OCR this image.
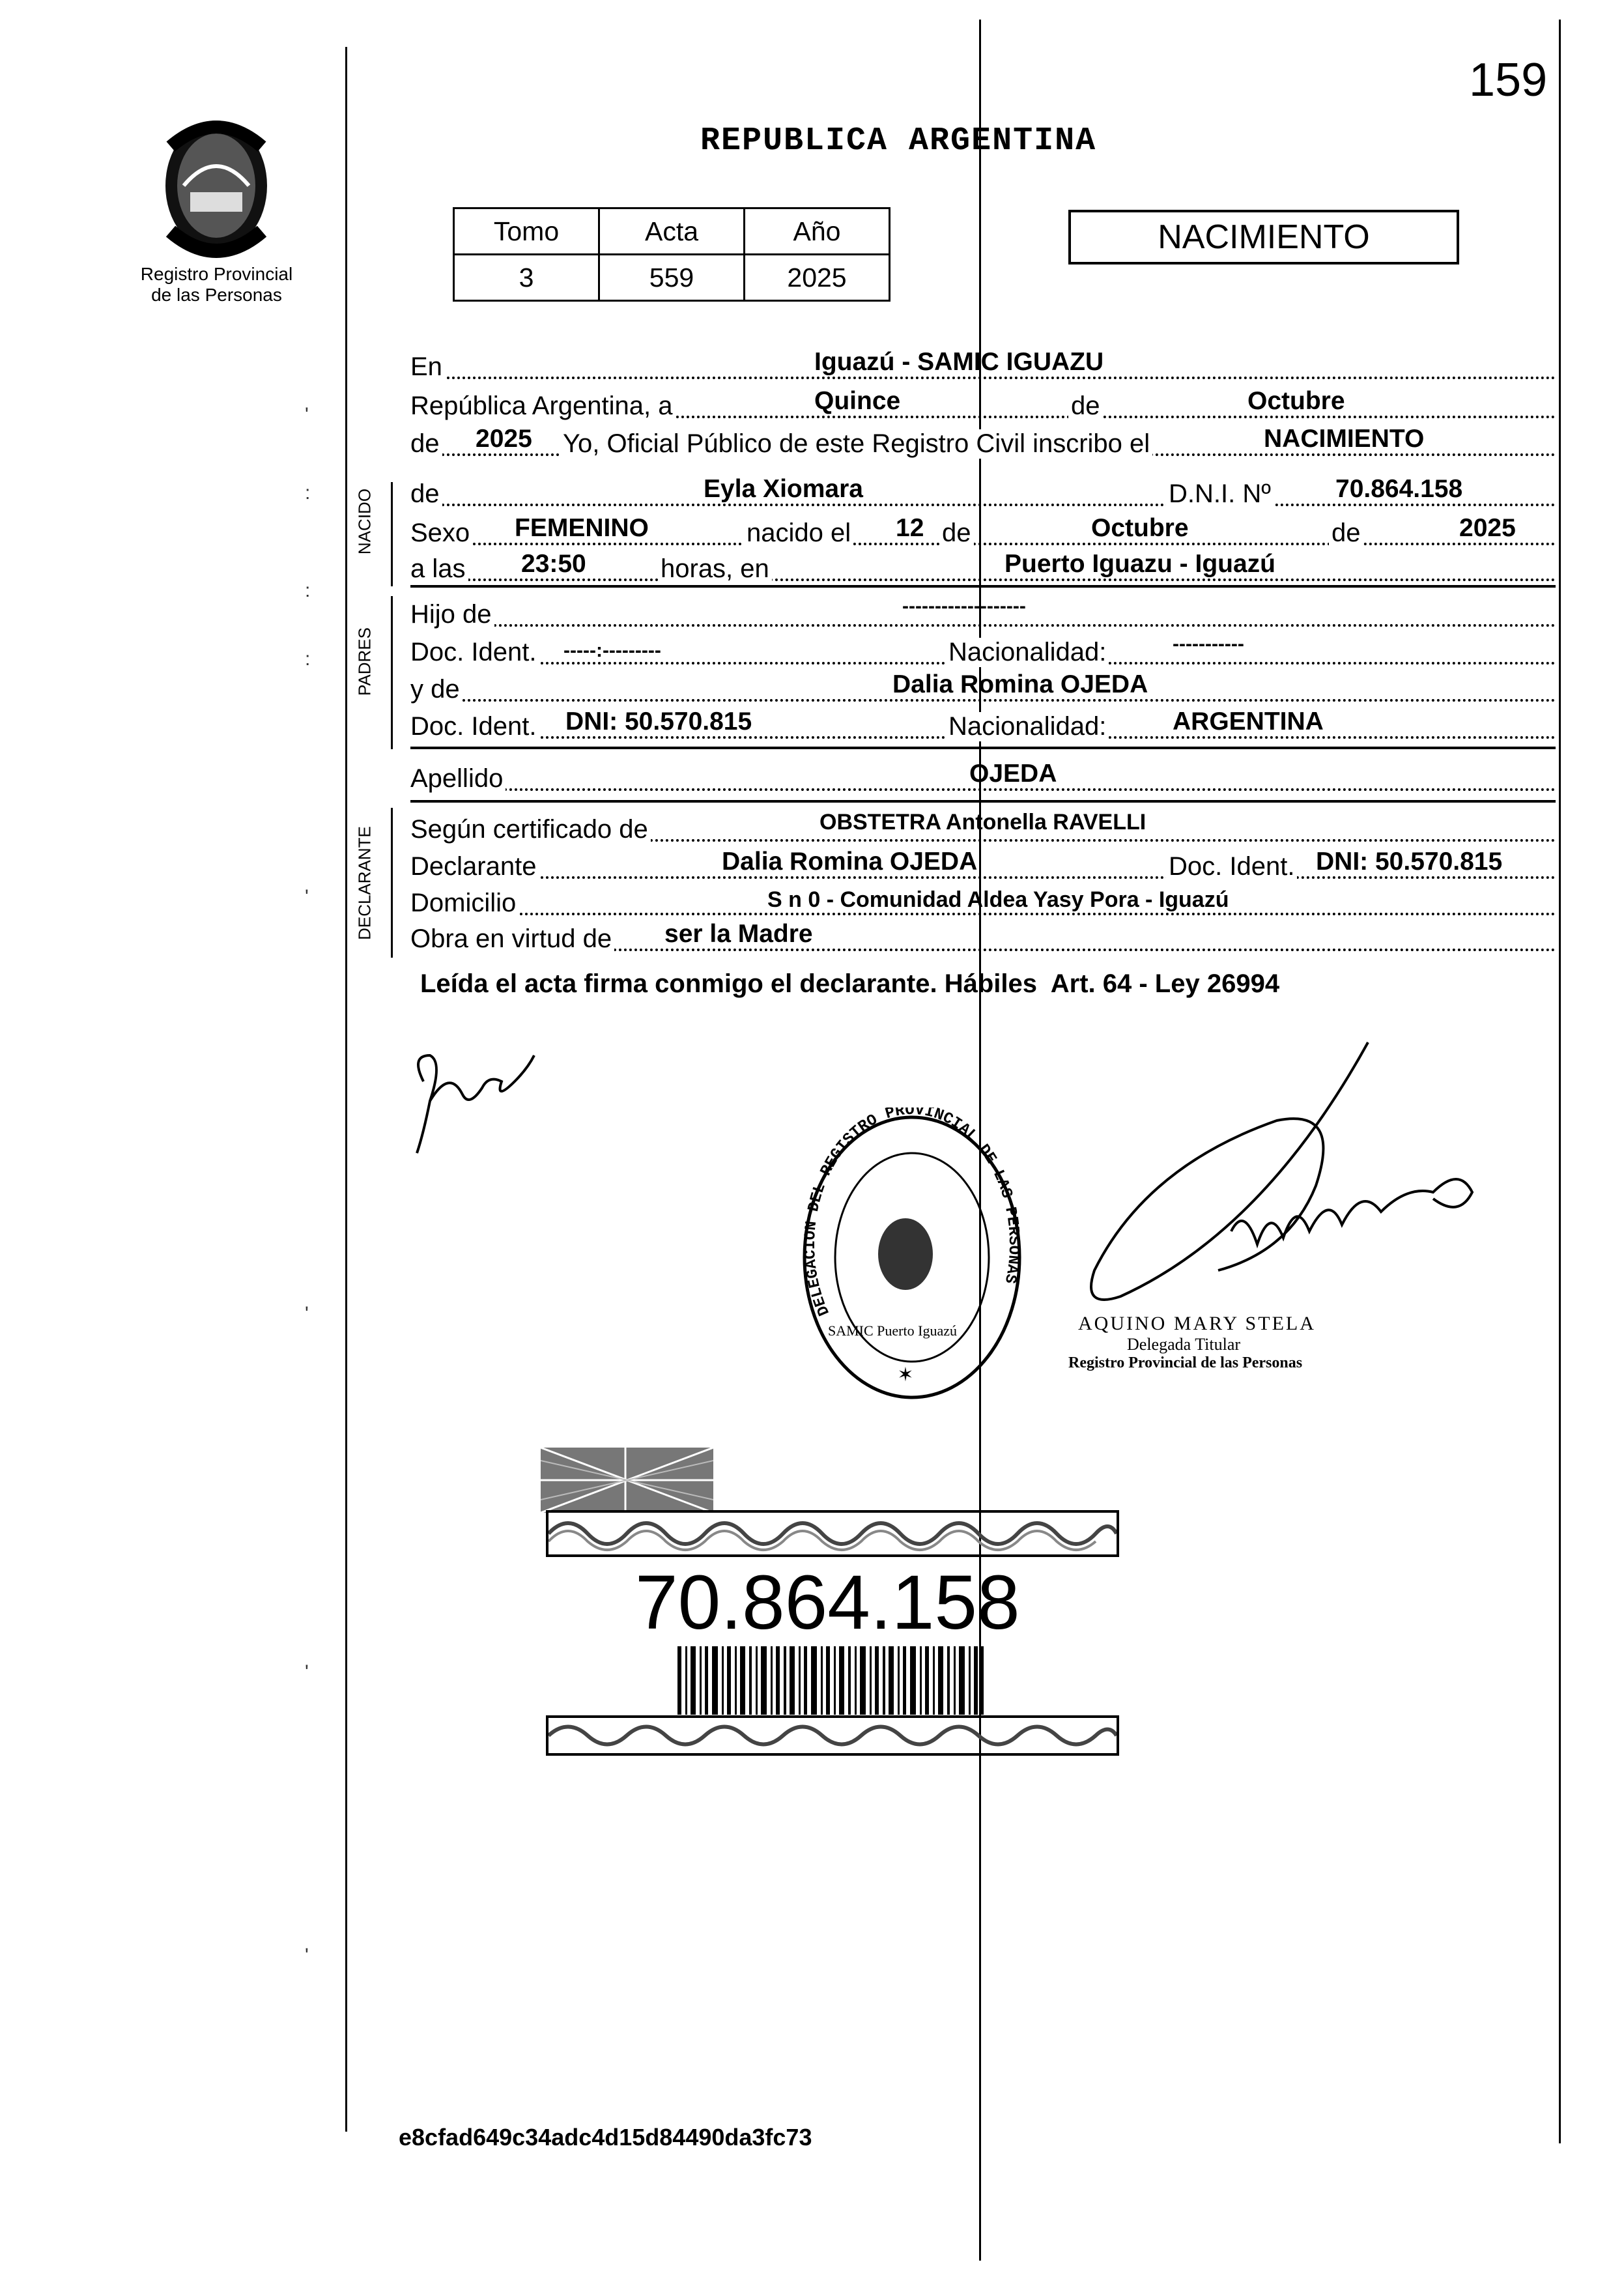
159
Registro Provincial
de las Personas
REPUBLICA ARGENTINA
Tomo	Acta	Año
3	559	2025
NACIMIENTO
En	Iguazú - SAMIC IGUAZU
República Argentina, a	Quince	de	Octubre
de 2025 Yo, Oficial Público de este Registro Civil inscribo el	NACIMIENTO
NACIDO de	Eyla Xiomara	D.N.I. Nº	70.864.158
Sexo FEMENINO	nacido el 12 de	Octubre	de	2025
a las 23:50	horas, en	Puerto Iguazu - Iguazú
PADRES
Hijo de	-------------------
Doc. Ident. -----:---------	Nacionalidad:	-----------
y de	Dalia Romina OJEDA
Doc. Ident. DNI: 50.570.815	Nacionalidad:	ARGENTINA
Apellido	OJEDA
DECLARANTE Según certificado de	OBSTETRA Antonella RAVELLI
Declarante	Dalia Romina OJEDA	Doc. Ident. DNI: 50.570.815
Domicilio	S n 0 - Comunidad Aldea Yasy Pora - Iguazú
Obra en virtud de ser la Madre
Leída el acta firma conmigo el declarante. Hábiles  Art. 64 - Ley 26994
DELEGACION DEL REGISTRO PROVINCIAL DE LAS PERSONAS
SAMIC Puerto Iguazú
✶
AQUINO MARY STELA
Delegada Titular
Registro Provincial de las Personas
70.864.158
e8cfad649c34adc4d15d84490da3fc73
'
:
:
:
'
'
'
'
